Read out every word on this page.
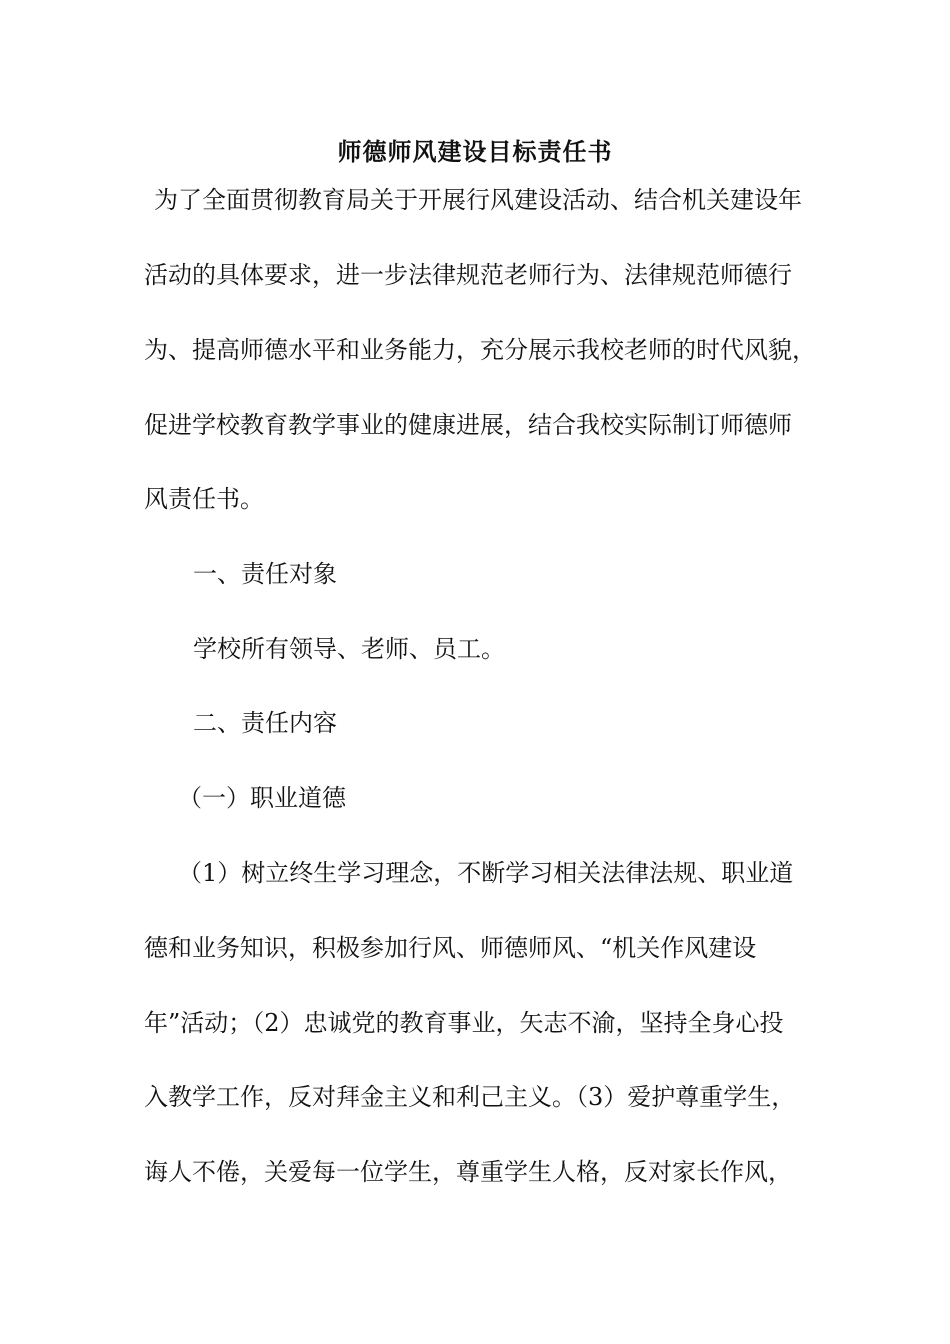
师德师风建设目标责任书

为了全面贯彻教育局关于开展行风建设活动、结合机关建设年

活动的具体要求，进一步法律规范老师行为、法律规范师德行

为、提高师德水平和业务能力，充分展示我校老师的时代风貌，

促进学校教育教学事业的健康进展，结合我校实际制订师德师

风责任书。

一、责任对象

学校所有领导、老师、员工。

二、责任内容

（一）职业道德

（1）树立终生学习理念，不断学习相关法律法规、职业道

德和业务知识，积极参加行风、师德师风、“机关作风建设

年”活动；（2）忠诚党的教育事业，矢志不渝，坚持全身心投

入教学工作，反对拜金主义和利己主义。（3）爱护尊重学生，

诲人不倦，关爱每一位学生，尊重学生人格，反对家长作风，
